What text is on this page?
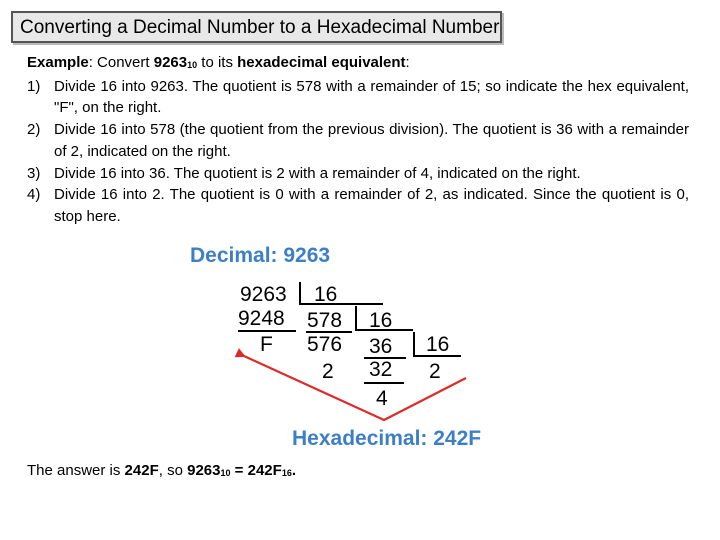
Converting a Decimal Number to a Hexadecimal Number

Example: Convert $9263_{10}$ to its hexadecimal equivalent:

1) Divide 16 into 9263. The quotient is 578 with a remainder of 15; so indicate the hex equivalent, "F", on the right.

2) Divide 16 into 578 (the quotient from the previous division). The quotient is 36 with a remainder of 2, indicated on the right.

3) Divide 16 into 36. The quotient is 2 with a remainder of 4, indicated on the right.

4) Divide 16 into 2. The quotient is 0 with a remainder of 2, as indicated. Since the quotient is 0, stop here.

Decimal: 9263
9263 16
9248 578 16
F 576 36 16
2 32 2
4
Hexadecimal: 242F
The answer is 242F, so $9263_{10} = 242F_{16}$.
